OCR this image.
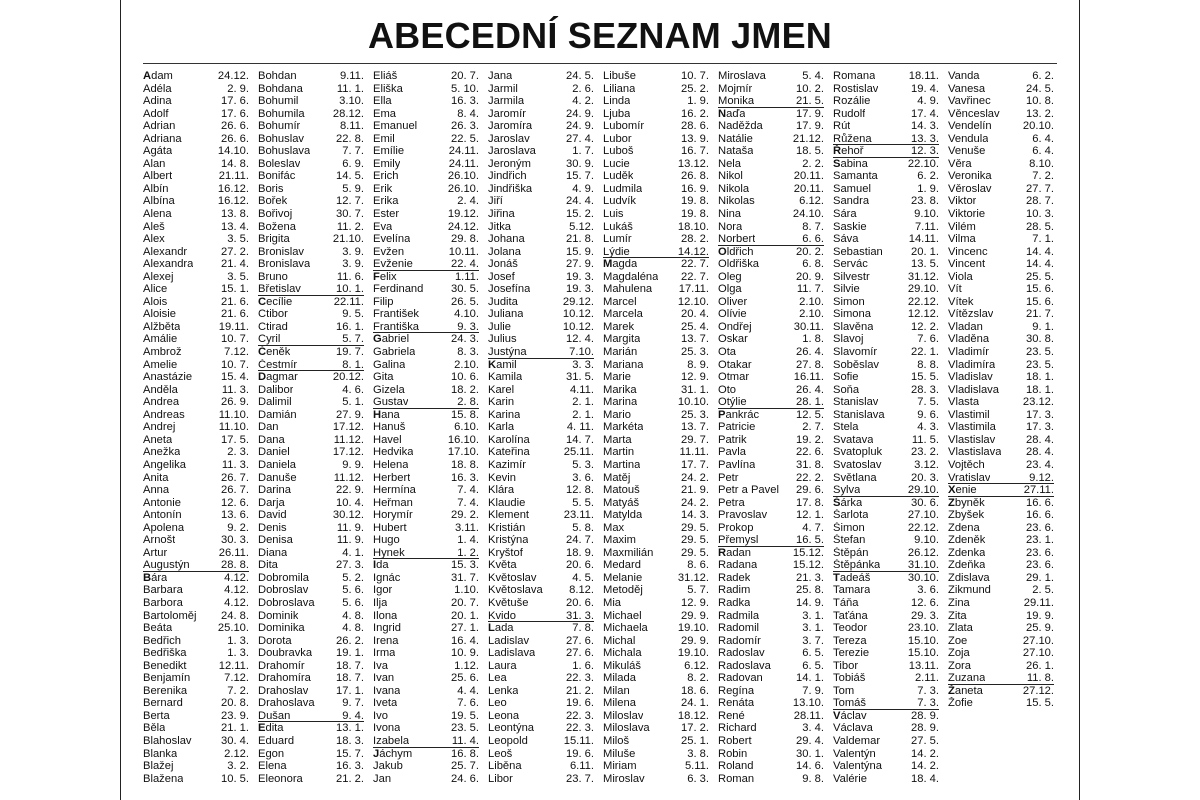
ABECEDNÍ SEZNAM JMEN
Adam	24.12.
Adéla	2. 9.
Adina	17. 6.
Adolf	17. 6.
Adrian	26. 6.
Adriana	26. 6.
Agáta	14.10.
Alan	14. 8.
Albert	21.11.
Albín	16.12.
Albína	16.12.
Alena	13. 8.
Aleš	13. 4.
Alex	3. 5.
Alexandr	27. 2.
Alexandra 21. 4.
Alexej	3. 5.
Alice	15. 1.
Alois	21. 6.
Aloisie	21. 6.
Alžběta	19.11.
Amálie	10. 7.
Ambrož	7.12.
Amelie	10. 7.
Anastázie	15. 4.
Anděla	11. 3.
Andrea	26. 9.
Andreas	11.10.
Andrej	11.10.
Aneta	17. 5.
Anežka	2. 3.
Angelika	11. 3.
Anita	26. 7.
Anna	26. 7.
Antonie	12. 6.
Antonín	13. 6.
Apolena	9. 2.
Arnošt	30. 3.
Artur	26.11.
Augustýn	28. 8.
Bára	4.12.
Barbara	4.12.
Barbora	4.12.
Bartoloměj 24. 8.
Beáta	25.10.
Bedřich	1. 3.
Bedřiška	1. 3.
Benedikt	12.11.
Benjamín	7.12.
Berenika	7. 2.
Bernard	20. 8.
Berta	23. 9.
Běla	21. 1.
Blahoslav	30. 4.
Blanka	2.12.
Blažej	3. 2.
Blažena	10. 5.
Bohdan	9.11.
Bohdana	11. 1.
Bohumil	3.10.
Bohumila	28.12.
Bohumír	8.11.
Bohuslav	22. 8.
Bohuslava	7. 7.
Boleslav	6. 9.
Bonifác	14. 5.
Boris	5. 9.
Bořek	12. 7.
Bořivoj	30. 7.
Božena	11. 2.
Brigita	21.10.
Bronislav	3. 9.
Bronislava	3. 9.
Bruno	11. 6.
Břetislav	10. 1.
Cecílie	22.11.
Ctibor	9. 5.
Ctirad	16. 1.
Cyril	5. 7.
Čeněk	19. 7.
Čestmír	8. 1.
Dagmar	20.12.
Dalibor	4. 6.
Dalimil	5. 1.
Damián	27. 9.
Dan	17.12.
Dana	11.12.
Daniel	17.12.
Daniela	9. 9.
Danuše	11.12.
Darina	22. 9.
Darja	10. 4.
David	30.12.
Denis	11. 9.
Denisa	11. 9.
Diana	4. 1.
Dita	27. 3.
Dobromila	5. 2.
Dobroslav	5. 6.
Dobroslava 5. 6.
Dominik	4. 8.
Dominika	4. 8.
Dorota	26. 2.
Doubravka 19. 1.
Drahomír	18. 7.
Drahomíra 18. 7.
Drahoslav 17. 1.
Drahoslava 9. 7.
Dušan	9. 4.
Edita	13. 1.
Eduard	18. 3.
Egon	15. 7.
Elena	16. 3.
Eleonora	21. 2.
Eliáš	20. 7.
Eliška	5. 10.
Ella	16. 3.
Ema	8. 4.
Emanuel	26. 3.
Emil	22. 5.
Emílie	24.11.
Emily	24.11.
Erich	26.10.
Erik	26.10.
Erika	2. 4.
Ester	19.12.
Eva	24.12.
Evelína	29. 8.
Evžen	10.11.
Evženie	22. 4.
Felix	1.11.
Ferdinand 30. 5.
Filip	26. 5.
František	4.10.
Františka	9. 3.
Gabriel	24. 3.
Gabriela	8. 3.
Galina	2.10.
Gita	10. 6.
Gizela	18. 2.
Gustav	2. 8.
Hana	15. 8.
Hanuš	6.10.
Havel	16.10.
Hedvika	17.10.
Helena	18. 8.
Herbert	16. 3.
Hermína	7. 4.
Heřman	7. 4.
Horymír	29. 2.
Hubert	3.11.
Hugo	1. 4.
Hynek	1. 2.
Ida	15. 3.
Ignác	31. 7.
Igor	1.10.
Ilja	20. 7.
Ilona	20. 1.
Ingrid	27. 1.
Irena	16. 4.
Irma	10. 9.
Iva	1.12.
Ivan	25. 6.
Ivana	4. 4.
Iveta	7. 6.
Ivo	19. 5.
Ivona	23. 5.
Izabela	11. 4.
Jáchym	16. 8.
Jakub	25. 7.
Jan	24. 6.
Jana	24. 5.
Jarmil	2. 6.
Jarmila	4. 2.
Jaromír	24. 9.
Jaromíra	24. 9.
Jaroslav	27. 4.
Jaroslava	1. 7.
Jeroným	30. 9.
Jindřich	15. 7.
Jindřiška	4. 9.
Jiří	24. 4.
Jiřina	15. 2.
Jitka	5.12.
Johana	21. 8.
Jolana	15. 9.
Jonáš	27. 9.
Josef	19. 3.
Josefína	19. 3.
Judita	29.12.
Juliana	10.12.
Julie	10.12.
Julius	12. 4.
Justýna	7.10.
Kamil	3. 3.
Kamila	31. 5.
Karel	4.11.
Karin	2. 1.
Karina	2. 1.
Karla	4. 11.
Karolína	14. 7.
Kateřina	25.11.
Kazimír	5. 3.
Kevin	3. 6.
Klára	12. 8.
Klaudie	5. 5.
Klement	23.11.
Kristián	5. 8.
Kristýna	24. 7.
Kryštof	18. 9.
Květa	20. 6.
Květoslav	4. 5.
Květoslava 8.12.
Květuše	20. 6.
Kvido	31. 3.
Lada	7. 8.
Ladislav	27. 6.
Ladislava	27. 6.
Laura	1. 6.
Lea	22. 3.
Lenka	21. 2.
Leo	19. 6.
Leona	22. 3.
Leontýna	22. 3.
Leopold	15.11.
Leoš	19. 6.
Liběna	6.11.
Libor	23. 7.
Libuše	10. 7.
Liliana	25. 2.
Linda	1. 9.
Ljuba	16. 2.
Lubomír	28. 6.
Lubor	13. 9.
Luboš	16. 7.
Lucie	13.12.
Luděk	26. 8.
Ludmila	16. 9.
Ludvík	19. 8.
Luis	19. 8.
Lukáš	18.10.
Lumír	28. 2.
Lýdie	14.12.
Magda	22. 7.
Magdaléna 22. 7.
Mahulena 17.11.
Marcel	12.10.
Marcela	20. 4.
Marek	25. 4.
Margita	13. 7.
Marián	25. 3.
Mariana	8. 9.
Marie	12. 9.
Marika	31. 1.
Marina	10.10.
Mario	25. 3.
Markéta	13. 7.
Marta	29. 7.
Martin	11.11.
Martina	17. 7.
Matěj	24. 2.
Matouš	21. 9.
Matyáš	24. 2.
Matylda	14. 3.
Max	29. 5.
Maxim	29. 5.
Maxmilián 29. 5.
Medard	8. 6.
Melanie	31.12.
Metoděj	5. 7.
Mia	12. 9.
Michael	29. 9.
Michaela	19.10.
Michal	29. 9.
Michala	19.10.
Mikuláš	6.12.
Milada	8. 2.
Milan	18. 6.
Milena	24. 1.
Miloslav	18.12.
Miloslava	17. 2.
Miloš	25. 1.
Miluše	3. 8.
Miriam	5.11.
Miroslav	6. 3.
Miroslava	5. 4.
Mojmír	10. 2.
Monika	21. 5.
Naďa	17. 9.
Naděžda	17. 9.
Natálie	21.12.
Nataša	18. 5.
Nela	2. 2.
Nikol	20.11.
Nikola	20.11.
Nikolas	6.12.
Nina	24.10.
Nora	8. 7.
Norbert	6. 6.
Oldřich	20. 2.
Oldřiška	6. 8.
Oleg	20. 9.
Olga	11. 7.
Oliver	2.10.
Olívie	2.10.
Ondřej	30.11.
Oskar	1. 8.
Ota	26. 4.
Otakar	27. 8.
Otmar	16.11.
Oto	26. 4.
Otýlie	28. 1.
Pankrác	12. 5.
Patricie	2. 7.
Patrik	19. 2.
Pavla	22. 6.
Pavlína	31. 8.
Petr	22. 2.
Petr a Pavel 29. 6.
Petra	17. 8.
Pravoslav	12. 1.
Prokop	4. 7.
Přemysl	16. 5.
Radan	15.12.
Radana	15.12.
Radek	21. 3.
Radim	25. 8.
Radka	14. 9.
Radmila	3. 1.
Radomil	3. 1.
Radomír	3. 7.
Radoslav	6. 5.
Radoslava	6. 5.
Radovan	14. 1.
Regína	7. 9.
Renáta	13.10.
René	28.11.
Richard	3. 4.
Robert	29. 4.
Robin	30. 1.
Roland	14. 6.
Roman	9. 8.
Romana	18.11.
Rostislav	19. 4.
Rozálie	4. 9.
Rudolf	17. 4.
Rút	14. 3.
Růžena	13. 3.
Řehoř	12. 3.
Sabina	22.10.
Samanta	6. 2.
Samuel	1. 9.
Sandra	23. 8.
Sára	9.10.
Saskie	7.11.
Sáva	14.11.
Sebastian	20. 1.
Servác	13. 5.
Silvestr	31.12.
Silvie	29.10.
Simon	22.12.
Simona	12.12.
Slavěna	12. 2.
Slavoj	7. 6.
Slavomír	22. 1.
Soběslav	8. 8.
Sofie	15. 5.
Soňa	28. 3.
Stanislav	7. 5.
Stanislava	9. 6.
Stela	4. 3.
Svatava	11. 5.
Svatopluk	23. 2.
Svatoslav	3.12.
Světlana	20. 3.
Sylva	29.10.
Šárka	30. 6.
Šarlota	27.10.
Šimon	22.12.
Štefan	9.10.
Štěpán	26.12.
Štěpánka 31.10.
Tadeáš	30.10.
Tamara	3. 6.
Táňa	12. 6.
Taťána	29. 3.
Teodor	23.10.
Tereza	15.10.
Terezie	15.10.
Tibor	13.11.
Tobiáš	2.11.
Tom	7. 3.
Tomáš	7. 3.
Václav	28. 9.
Václava	28. 9.
Valdemar	27. 5.
Valentýn	14. 2.
Valentýna	14. 2.
Valérie	18. 4.
Vanda	6. 2.
Vanesa	24. 5.
Vavřinec	10. 8.
Věnceslav 13. 2.
Vendelín	20.10.
Vendula	6. 4.
Venuše	6. 4.
Věra	8.10.
Veronika	7. 2.
Věroslav	27. 7.
Viktor	28. 7.
Viktorie	10. 3.
Vilém	28. 5.
Vilma	7. 1.
Vincenc	14. 4.
Vincent	14. 4.
Viola	25. 5.
Vít	15. 6.
Vítek	15. 6.
Vítězslav	21. 7.
Vladan	9. 1.
Vladěna	30. 8.
Vladimír	23. 5.
Vladimíra	23. 5.
Vladislav	18. 1.
Vladislava 18. 1.
Vlasta	23.12.
Vlastimil	17. 3.
Vlastimila	17. 3.
Vlastislav	28. 4.
Vlastislava 28. 4.
Vojtěch	23. 4.
Vratislav	9.12.
Xenie	27.11.
Zbyněk	16. 6.
Zbyšek	16. 6.
Zdena	23. 6.
Zdeněk	23. 1.
Zdenka	23. 6.
Zdeňka	23. 6.
Zdislava	29. 1.
Zikmund	2. 5.
Zina	29.11.
Zita	19. 9.
Zlata	25. 9.
Zoe	27.10.
Zoja	27.10.
Zora	26. 1.
Zuzana	11. 8.
Žaneta	27.12.
Žofie	15. 5.
